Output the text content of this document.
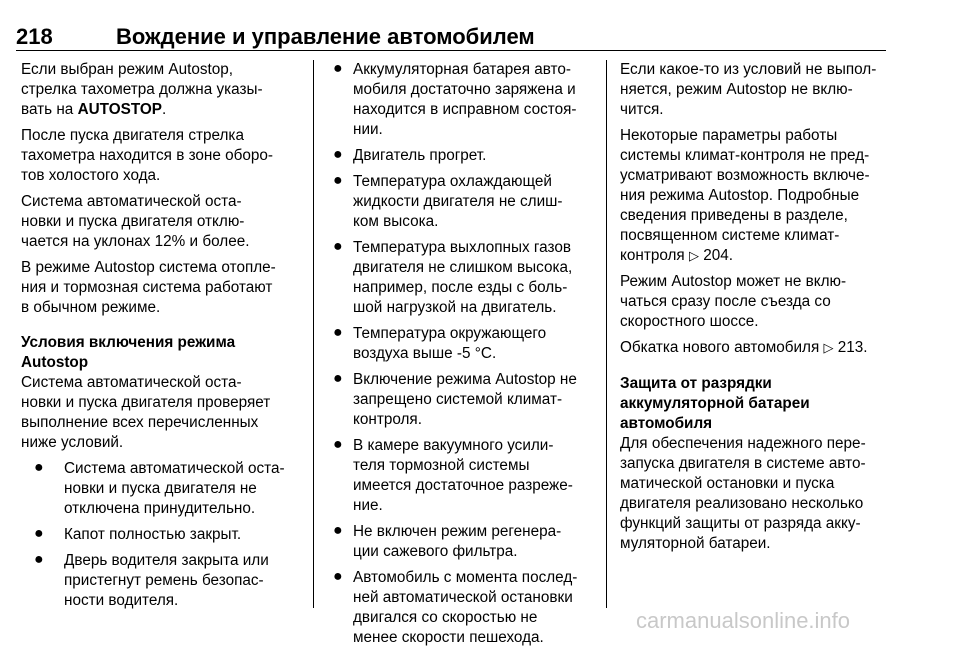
218	Вождение и управление автомобилем

Если выбран режим Autostop,
стрелка тахометра должна указы-
вать на AUTOSTOP.

После пуска двигателя стрелка
тахометра находится в зоне оборо-
тов холостого хода.

Система автоматической оста-
новки и пуска двигателя отклю-
чается на уклонах 12% и более.

В режиме Autostop система отопле-
ния и тормозная система работают
в обычном режиме.

Условия включения режима
Autostop

Система автоматической оста-
новки и пуска двигателя проверяет
выполнение всех перечисленных
ниже условий.

● Система автоматической оста-
новки и пуска двигателя не
отключена принудительно.
● Капот полностью закрыт.
● Дверь водителя закрыта или
пристегнут ремень безопас-
ности водителя.
● Аккумуляторная батарея авто-
мобиля достаточно заряжена и
находится в исправном состоя-
нии.
● Двигатель прогрет.
● Температура охлаждающей
жидкости двигателя не слиш-
ком высока.
● Температура выхлопных газов
двигателя не слишком высока,
например, после езды с боль-
шой нагрузкой на двигатель.
● Температура окружающего
воздуха выше -5 °C.
● Включение режима Autostop не
запрещено системой климат-
контроля.
● В камере вакуумного усили-
теля тормозной системы
имеется достаточное разреже-
ние.
● Не включен режим регенера-
ции сажевого фильтра.
● Автомобиль с момента послед-
ней автоматической остановки
двигался со скоростью не
менее скорости пешехода.

Если какое-то из условий не выпол-
няется, режим Autostop не вклю-
чится.

Некоторые параметры работы
системы климат-контроля не пред-
усматривают возможность включе-
ния режима Autostop. Подробные
сведения приведены в разделе,
посвященном системе климат-
контроля ▷ 204.

Режим Autostop может не вклю-
чаться сразу после съезда со
скоростного шоссе.

Обкатка нового автомобиля ▷ 213.

Защита от разрядки
аккумуляторной батареи
автомобиля

Для обеспечения надежного пере-
запуска двигателя в системе авто-
матической остановки и пуска
двигателя реализовано несколько
функций защиты от разряда акку-
муляторной батареи.

carmanualsonline.info
